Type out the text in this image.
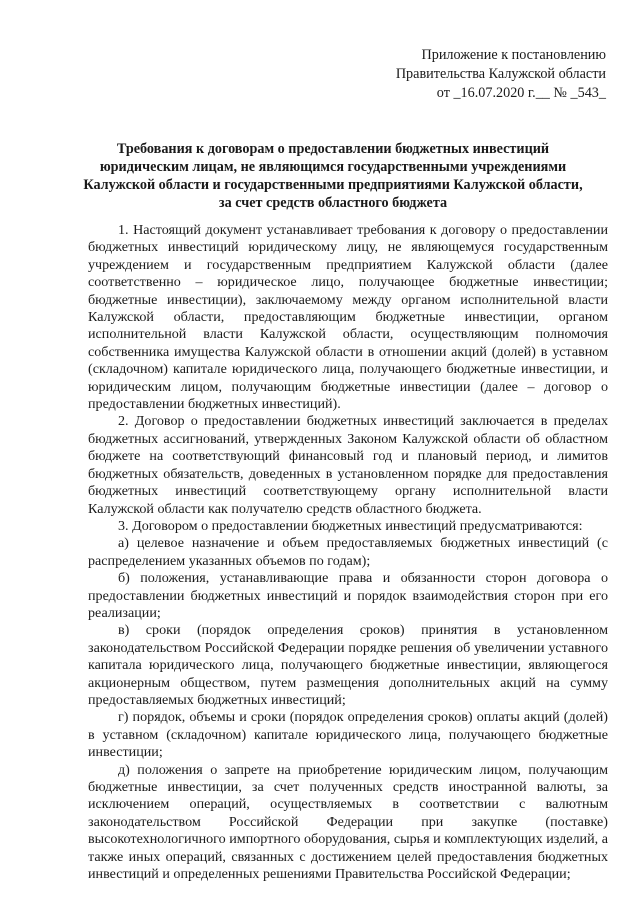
Приложение к постановлению
Правительства Калужской области
от _16.07.2020 г.__ № _543_
Требования к договорам о предоставлении бюджетных инвестиций юридическим лицам, не являющимся государственными учреждениями Калужской области и государственными предприятиями Калужской области, за счет средств областного бюджета

1. Настоящий документ устанавливает требования к договору о предоставлении бюджетных инвестиций юридическому лицу, не являющемуся государственным учреждением и государственным предприятием Калужской области (далее соответственно – юридическое лицо, получающее бюджетные инвестиции; бюджетные инвестиции), заключаемому между органом исполнительной власти Калужской области, предоставляющим бюджетные инвестиции, органом исполнительной власти Калужской области, осуществляющим полномочия собственника имущества Калужской области в отношении акций (долей) в уставном (складочном) капитале юридического лица, получающего бюджетные инвестиции, и юридическим лицом, получающим бюджетные инвестиции (далее – договор о предоставлении бюджетных инвестиций).

2. Договор о предоставлении бюджетных инвестиций заключается в пределах бюджетных ассигнований, утвержденных Законом Калужской области об областном бюджете на соответствующий финансовый год и плановый период, и лимитов бюджетных обязательств, доведенных в установленном порядке для предоставления бюджетных инвестиций соответствующему органу исполнительной власти Калужской области как получателю средств областного бюджета.

3. Договором о предоставлении бюджетных инвестиций предусматриваются:

а) целевое назначение и объем предоставляемых бюджетных инвестиций (с распределением указанных объемов по годам);

б) положения, устанавливающие права и обязанности сторон договора о предоставлении бюджетных инвестиций и порядок взаимодействия сторон при его реализации;

в) сроки (порядок определения сроков) принятия в установленном законодательством Российской Федерации порядке решения об увеличении уставного капитала юридического лица, получающего бюджетные инвестиции, являющегося акционерным обществом, путем размещения дополнительных акций на сумму предоставляемых бюджетных инвестиций;

г) порядок, объемы и сроки (порядок определения сроков) оплаты акций (долей) в уставном (складочном) капитале юридического лица, получающего бюджетные инвестиции;

д) положения о запрете на приобретение юридическим лицом, получающим бюджетные инвестиции, за счет полученных средств иностранной валюты, за исключением операций, осуществляемых в соответствии с валютным законодательством Российской Федерации при закупке (поставке) высокотехнологичного импортного оборудования, сырья и комплектующих изделий, а также иных операций, связанных с достижением целей предоставления бюджетных инвестиций и определенных решениями Правительства Российской Федерации;
